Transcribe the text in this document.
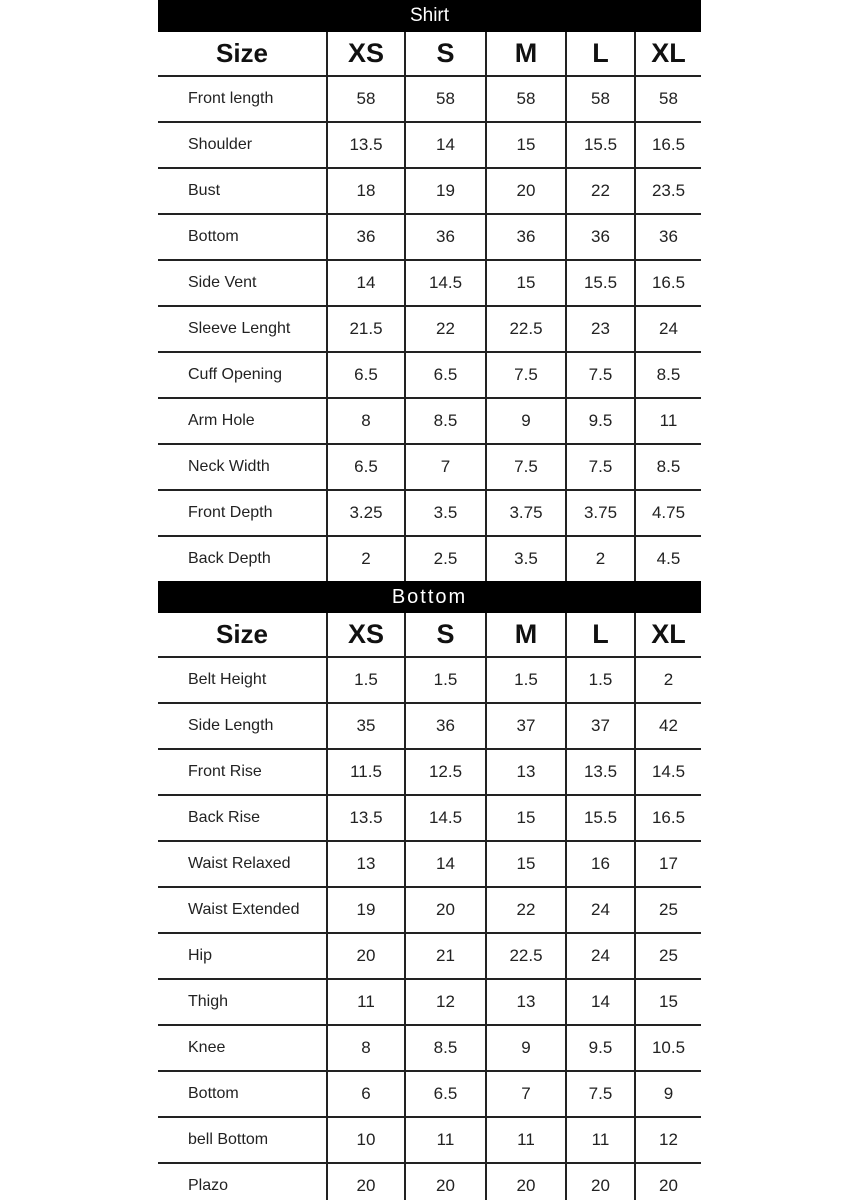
Shirt
Size	XS	S	M	L	XL
Front length	58	58	58	58	58
Shoulder	13.5	14	15	15.5	16.5
Bust	18	19	20	22	23.5
Bottom	36	36	36	36	36
Side Vent	14	14.5	15	15.5	16.5
Sleeve Lenght	21.5	22	22.5	23	24
Cuff Opening	6.5	6.5	7.5	7.5	8.5
Arm Hole	8	8.5	9	9.5	11
Neck Width	6.5	7	7.5	7.5	8.5
Front Depth	3.25	3.5	3.75	3.75	4.75
Back Depth	2	2.5	3.5	2	4.5
Bottom
Size	XS	S	M	L	XL
Belt Height	1.5	1.5	1.5	1.5	2
Side Length	35	36	37	37	42
Front Rise	11.5	12.5	13	13.5	14.5
Back Rise	13.5	14.5	15	15.5	16.5
Waist Relaxed	13	14	15	16	17
Waist Extended	19	20	22	24	25
Hip	20	21	22.5	24	25
Thigh	11	12	13	14	15
Knee	8	8.5	9	9.5	10.5
Bottom	6	6.5	7	7.5	9
bell Bottom	10	11	11	11	12
Plazo	20	20	20	20	20
